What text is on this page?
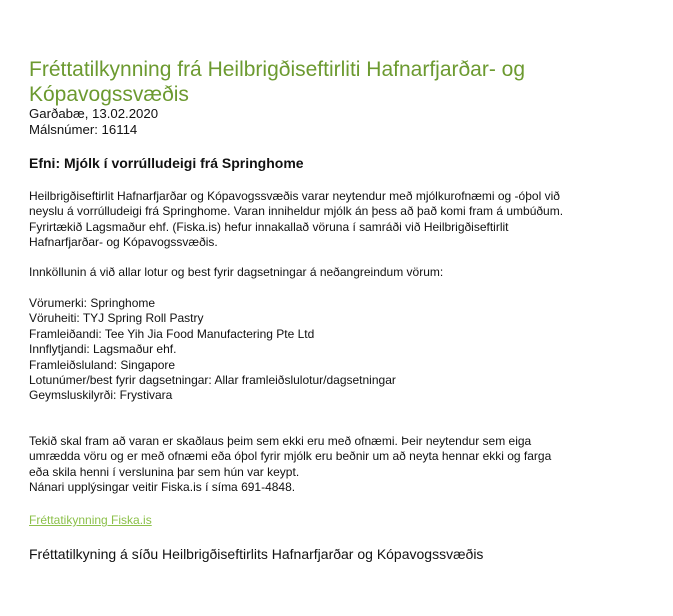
Fréttatilkynning frá Heilbrigðiseftirliti Hafnarfjarðar- og Kópavogssvæðis
Garðabæ, 13.02.2020
Málsnúmer: 16114
Efni: Mjólk í vorrúlludeigi frá Springhome
Heilbrigðiseftirlit Hafnarfjarðar og Kópavogssvæðis varar neytendur með mjólkurofnæmi og -óþol við
neyslu á vorrúlludeigi frá Springhome. Varan inniheldur mjólk án þess að það komi fram á umbúðum.
Fyrirtækið Lagsmaður ehf. (Fiska.is) hefur innakallað vöruna í samráði við Heilbrigðiseftirlit
Hafnarfjarðar- og Kópavogssvæðis.
Innköllunin á við allar lotur og best fyrir dagsetningar á neðangreindum vörum:
Vörumerki: Springhome
Vöruheiti: TYJ Spring Roll Pastry
Framleiðandi: Tee Yih Jia Food Manufactering Pte Ltd
Innflytjandi: Lagsmaður ehf.
Framleiðsluland: Singapore
Lotunúmer/best fyrir dagsetningar: Allar framleiðslulotur/dagsetningar
Geymsluskilyrði: Frystivara
Tekið skal fram að varan er skaðlaus þeim sem ekki eru með ofnæmi. Þeir neytendur sem eiga
umrædda vöru og er með ofnæmi eða óþol fyrir mjólk eru beðnir um að neyta hennar ekki og farga
eða skila henni í verslunina þar sem hún var keypt.
Nánari upplýsingar veitir Fiska.is í síma 691-4848.
Fréttatikynning Fiska.is
Fréttatilkyning á síðu Heilbrigðiseftirlits Hafnarfjarðar og Kópavogssvæðis
